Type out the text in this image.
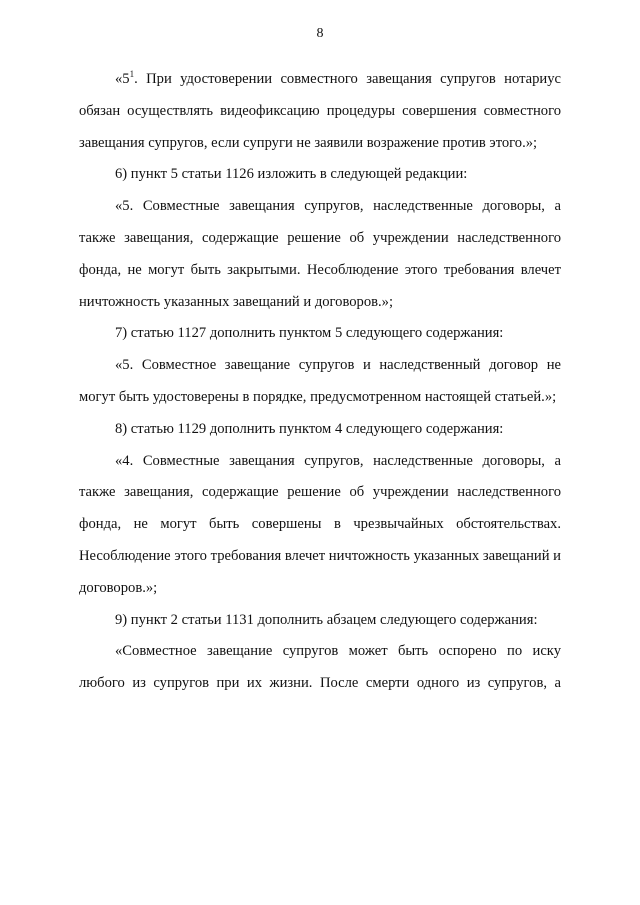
8

«$5^1$. При удостоверении совместного завещания супругов нотариус обязан осуществлять видеофиксацию процедуры совершения совместного завещания супругов, если супруги не заявили возражение против этого.»;

6) пункт 5 статьи 1126 изложить в следующей редакции:

«5. Совместные завещания супругов, наследственные договоры, а также завещания, содержащие решение об учреждении наследственного фонда, не могут быть закрытыми. Несоблюдение этого требования влечет ничтожность указанных завещаний и договоров.»;

7) статью 1127 дополнить пунктом 5 следующего содержания:

«5. Совместное завещание супругов и наследственный договор не могут быть удостоверены в порядке, предусмотренном настоящей статьей.»;

8) статью 1129 дополнить пунктом 4 следующего содержания:

«4. Совместные завещания супругов, наследственные договоры, а также завещания, содержащие решение об учреждении наследственного фонда, не могут быть совершены в чрезвычайных обстоятельствах. Несоблюдение этого требования влечет ничтожность указанных завещаний и договоров.»;

9) пункт 2 статьи 1131 дополнить абзацем следующего содержания:

«Совместное завещание супругов может быть оспорено по иску любого из супругов при их жизни. После смерти одного из супругов, а
